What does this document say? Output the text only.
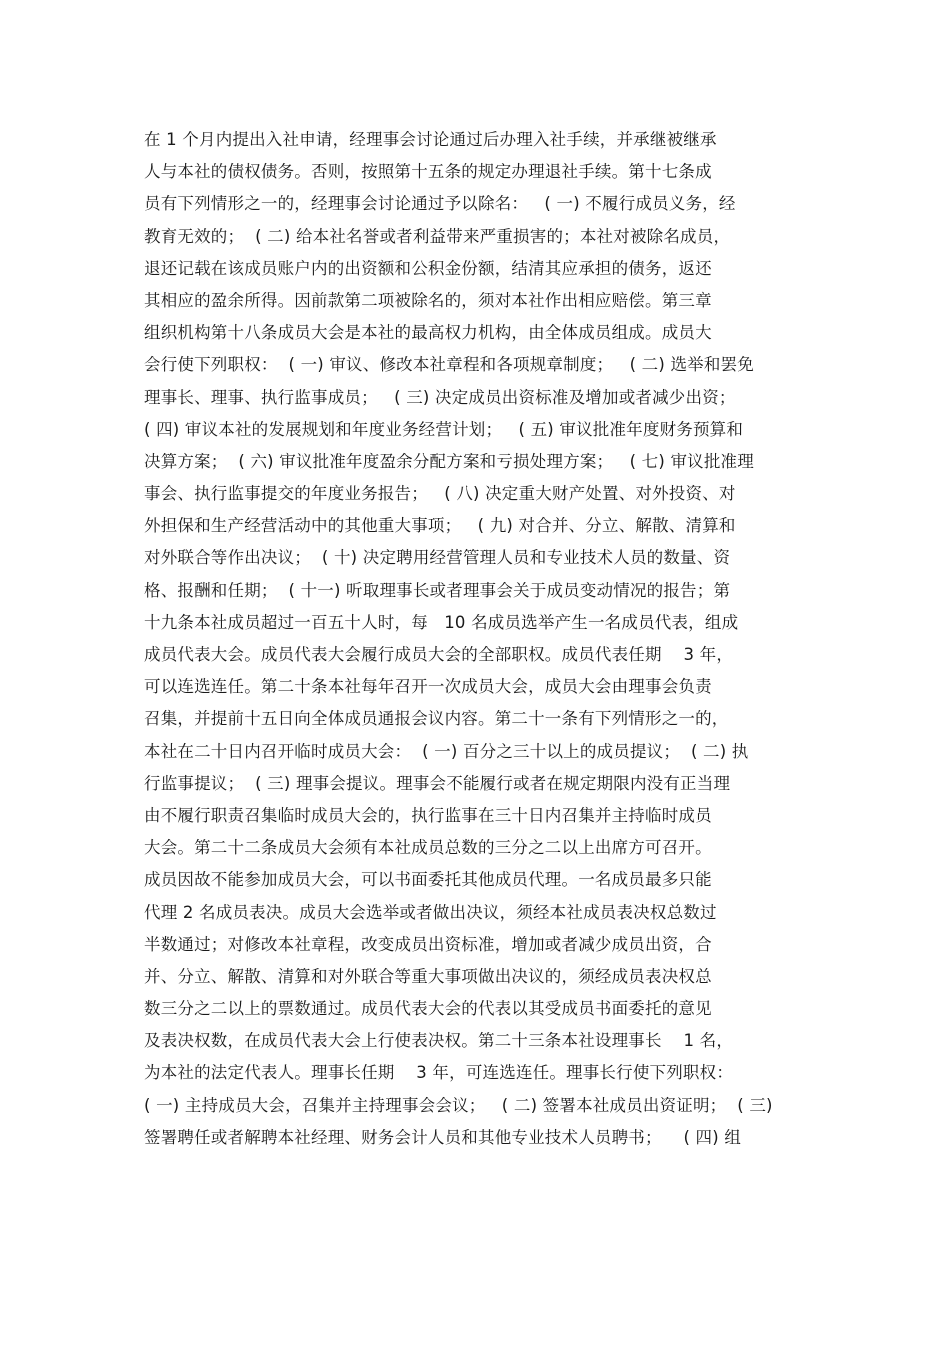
在 1 个月内提出入社申请，经理事会讨论通过后办理入社手续，并承继被继承
人与本社的债权债务。否则，按照第十五条的规定办理退社手续。第十七条成
员有下列情形之一的，经理事会讨论通过予以除名：   ( 一) 不履行成员义务，经
教育无效的；  ( 二) 给本社名誉或者利益带来严重损害的；本社对被除名成员，
退还记载在该成员账户内的出资额和公积金份额，结清其应承担的债务，返还
其相应的盈余所得。因前款第二项被除名的，须对本社作出相应赔偿。第三章
组织机构第十八条成员大会是本社的最高权力机构，由全体成员组成。成员大
会行使下列职权：  ( 一) 审议、修改本社章程和各项规章制度；   ( 二) 选举和罢免
理事长、理事、执行监事成员；   ( 三) 决定成员出资标准及增加或者减少出资；
( 四) 审议本社的发展规划和年度业务经营计划；   ( 五) 审议批准年度财务预算和
决算方案；  ( 六) 审议批准年度盈余分配方案和亏损处理方案；   ( 七) 审议批准理
事会、执行监事提交的年度业务报告；   ( 八) 决定重大财产处置、对外投资、对
外担保和生产经营活动中的其他重大事项；   ( 九) 对合并、分立、解散、清算和
对外联合等作出决议；  ( 十) 决定聘用经营管理人员和专业技术人员的数量、资
格、报酬和任期；  ( 十一) 听取理事长或者理事会关于成员变动情况的报告；第
十九条本社成员超过一百五十人时，每   10 名成员选举产生一名成员代表，组成
成员代表大会。成员代表大会履行成员大会的全部职权。成员代表任期    3 年，
可以连选连任。第二十条本社每年召开一次成员大会，成员大会由理事会负责
召集，并提前十五日向全体成员通报会议内容。第二十一条有下列情形之一的，
本社在二十日内召开临时成员大会：  ( 一) 百分之三十以上的成员提议；  ( 二) 执
行监事提议；  ( 三) 理事会提议。理事会不能履行或者在规定期限内没有正当理
由不履行职责召集临时成员大会的，执行监事在三十日内召集并主持临时成员
大会。第二十二条成员大会须有本社成员总数的三分之二以上出席方可召开。
成员因故不能参加成员大会，可以书面委托其他成员代理。一名成员最多只能
代理 2 名成员表决。成员大会选举或者做出决议，须经本社成员表决权总数过
半数通过；对修改本社章程，改变成员出资标准，增加或者减少成员出资，合
并、分立、解散、清算和对外联合等重大事项做出决议的，须经成员表决权总
数三分之二以上的票数通过。成员代表大会的代表以其受成员书面委托的意见
及表决权数，在成员代表大会上行使表决权。第二十三条本社设理事长    1 名，
为本社的法定代表人。理事长任期    3 年，可连选连任。理事长行使下列职权：
( 一) 主持成员大会，召集并主持理事会会议；   ( 二) 签署本社成员出资证明；  ( 三)
签署聘任或者解聘本社经理、财务会计人员和其他专业技术人员聘书；    ( 四) 组
